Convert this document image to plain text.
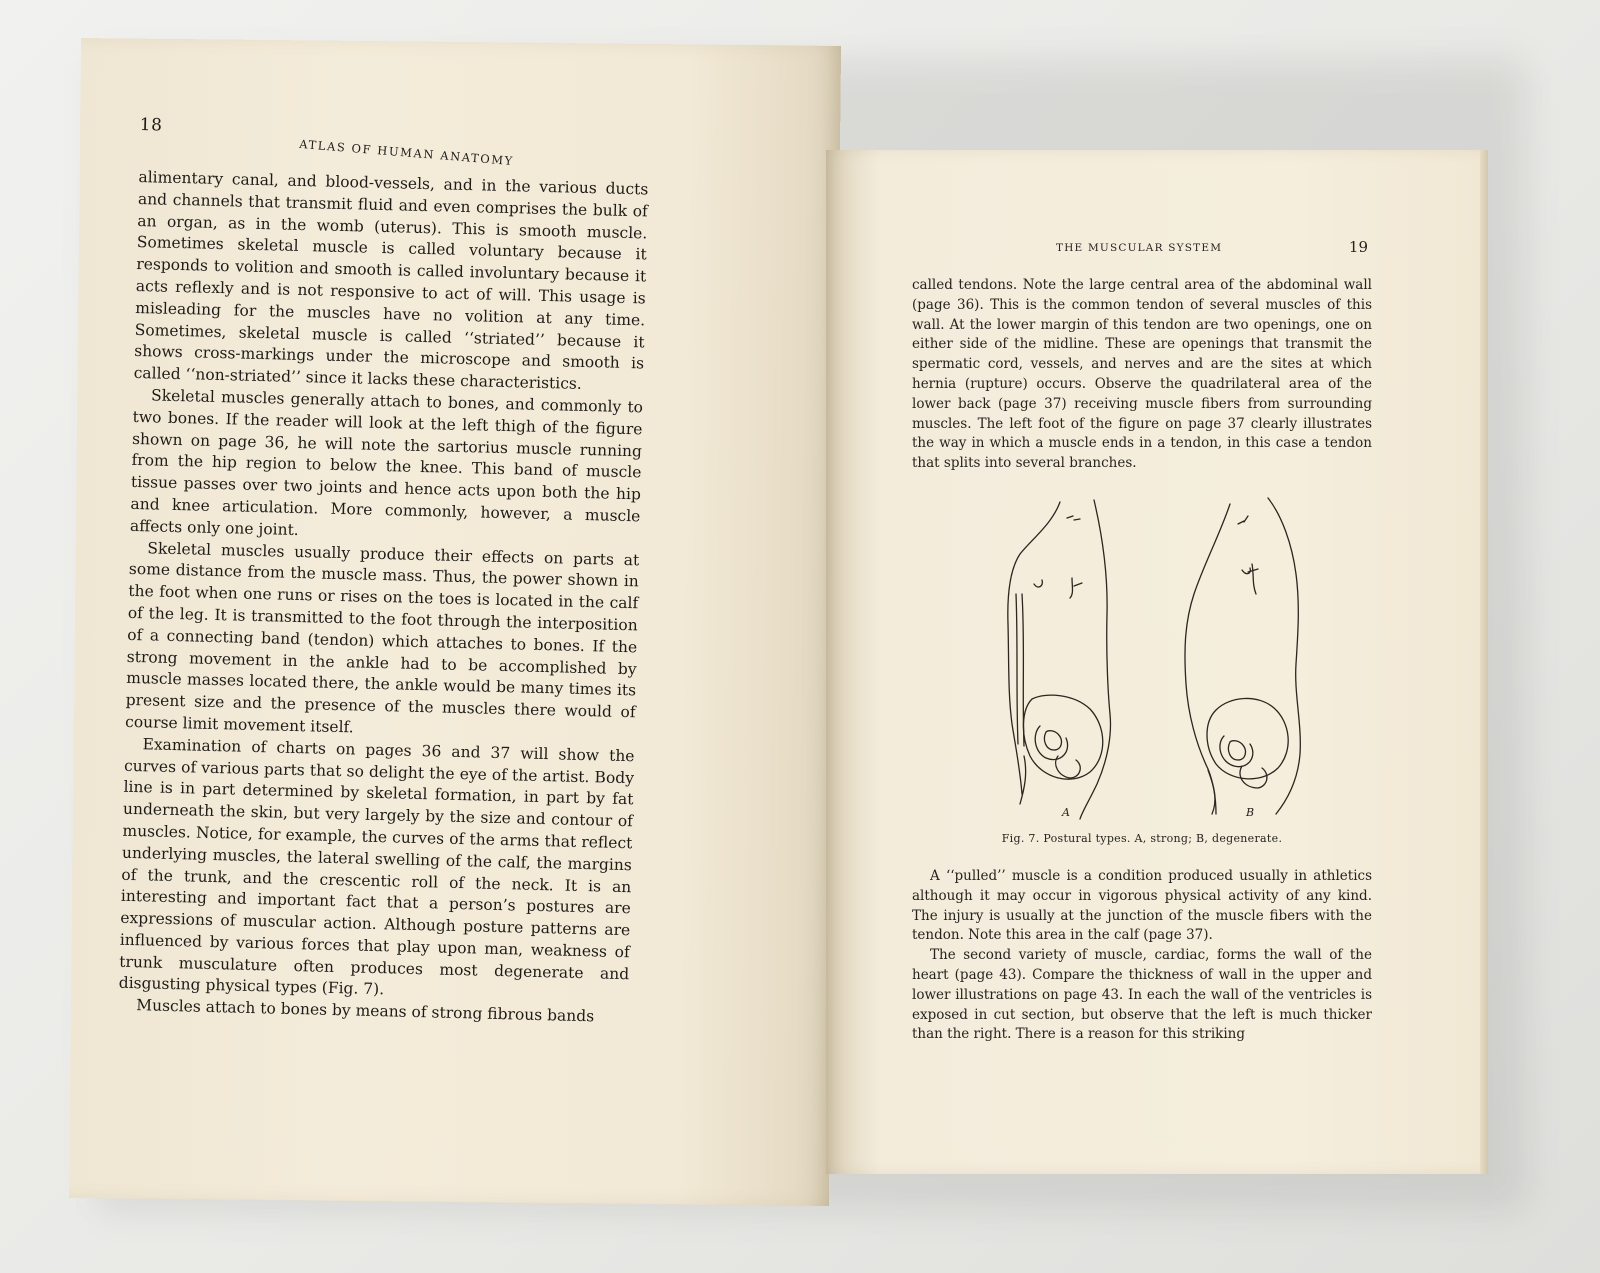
18
ATLAS OF HUMAN ANATOMY

alimentary canal, and blood-vessels, and in the various ducts and channels that transmit fluid and even comprises the bulk of an organ, as in the womb (uterus). This is smooth muscle. Sometimes skeletal muscle is called voluntary because it responds to volition and smooth is called involuntary because it acts reflexly and is not responsive to act of will. This usage is misleading for the muscles have no volition at any time. Sometimes, skeletal muscle is called ‘‘striated’’ because it shows cross-markings under the microscope and smooth is called ‘‘non-striated’’ since it lacks these characteristics.

Skeletal muscles generally attach to bones, and commonly to two bones. If the reader will look at the left thigh of the figure shown on page 36, he will note the sartorius muscle running from the hip region to below the knee. This band of muscle tissue passes over two joints and hence acts upon both the hip and knee articulation. More commonly, however, a muscle affects only one joint.

Skeletal muscles usually produce their effects on parts at some distance from the muscle mass. Thus, the power shown in the foot when one runs or rises on the toes is located in the calf of the leg. It is transmitted to the foot through the interposition of a connecting band (tendon) which attaches to bones. If the strong movement in the ankle had to be accomplished by muscle masses located there, the ankle would be many times its present size and the presence of the muscles there would of course limit movement itself.

Examination of charts on pages 36 and 37 will show the curves of various parts that so delight the eye of the artist. Body line is in part determined by skeletal formation, in part by fat underneath the skin, but very largely by the size and contour of muscles. Notice, for example, the curves of the arms that reflect underlying muscles, the lateral swelling of the calf, the margins of the trunk, and the crescentic roll of the neck. It is an interesting and important fact that a person’s postures are expressions of muscular action. Although posture patterns are influenced by various forces that play upon man, weakness of trunk musculature often produces most degenerate and disgusting physical types (Fig. 7).

Muscles attach to bones by means of strong fibrous bands

THE MUSCULAR SYSTEM	19

called tendons. Note the large central area of the abdominal wall (page 36). This is the common tendon of several muscles of this wall. At the lower margin of this tendon are two openings, one on either side of the midline. These are openings that transmit the spermatic cord, vessels, and nerves and are the sites at which hernia (rupture) occurs. Observe the quadrilateral area of the lower back (page 37) receiving muscle fibers from surrounding muscles. The left foot of the figure on page 37 clearly illustrates the way in which a muscle ends in a tendon, in this case a tendon that splits into several branches.

A	B
Fig. 7. Postural types. A, strong; B, degenerate.

A ‘‘pulled’’ muscle is a condition produced usually in athletics although it may occur in vigorous physical activity of any kind. The injury is usually at the junction of the muscle fibers with the tendon. Note this area in the calf (page 37).

The second variety of muscle, cardiac, forms the wall of the heart (page 43). Compare the thickness of wall in the upper and lower illustrations on page 43. In each the wall of the ventricles is exposed in cut section, but observe that the left is much thicker than the right. There is a reason for this striking
